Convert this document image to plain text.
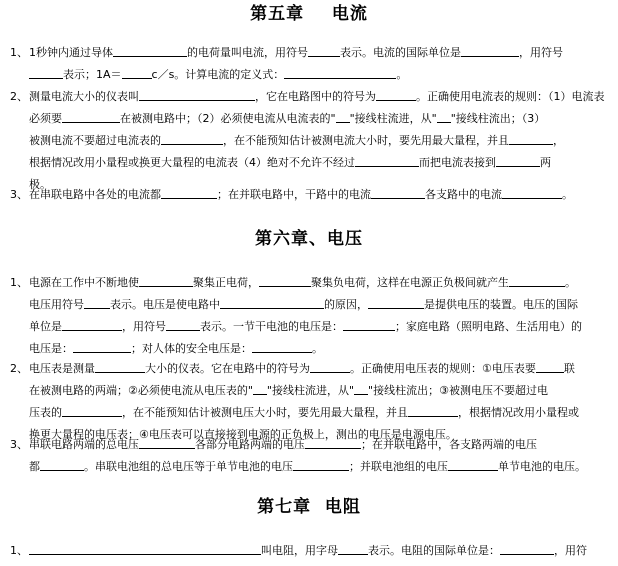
第五章    电流
1、 1秒钟内通过导体	的电荷量叫电流，用符号	表示。电流的国际单位是	，用符号
表示；1A＝	c／s。计算电流的定义式：	。
2、 测量电流大小的仪表叫	，它在电路图中的符号为	。正确使用电流表的规则：（1）电流表
必须要	在被测电路中；（2）必须使电流从电流表的" "接线柱流进，从" "接线柱流出；（3）
被测电流不要超过电流表的	，在不能预知估计被测电流大小时，要先用最大量程，并且	，
根据情况改用小量程或换更大量程的电流表（4）绝对不允许不经过	而把电流表接到	两
极。
3、 在串联电路中各处的电流都	；在并联电路中，干路中的电流	各支路中的电流	。
第六章、电压
1、 电源在工作中不断地使	聚集正电荷，	聚集负电荷，这样在电源正负极间就产生	。
电压用符号 表示。电压是使电路中	的原因，	是提供电压的装置。电压的国际
单位是	，用符号	表示。一节干电池的电压是：	；家庭电路（照明电路、生活用电）的
电压是：	；对人体的安全电压是：	。
2、 电压表是测量	大小的仪表。它在电路中的符号为	。正确使用电压表的规则：①电压表要	联
在被测电路的两端；②必须使电流从电压表的" "接线柱流进，从" "接线柱流出；③被测电压不要超过电
压表的	，在不能预知估计被测电压大小时，要先用最大量程，并且	，根据情况改用小量程或
换更大量程的电压表；④电压表可以直接接到电源的正负极上，测出的电压是电源电压。
3、 串联电路两端的总电压	各部分电路两端的电压	；在并联电路中，各支路两端的电压
都	。串联电池组的总电压等于单节电池的电压	；并联电池组的电压	单节电池的电压。
第七章  电阻
1、	叫电阻，用字母	表示。电阻的国际单位是：	，用符
